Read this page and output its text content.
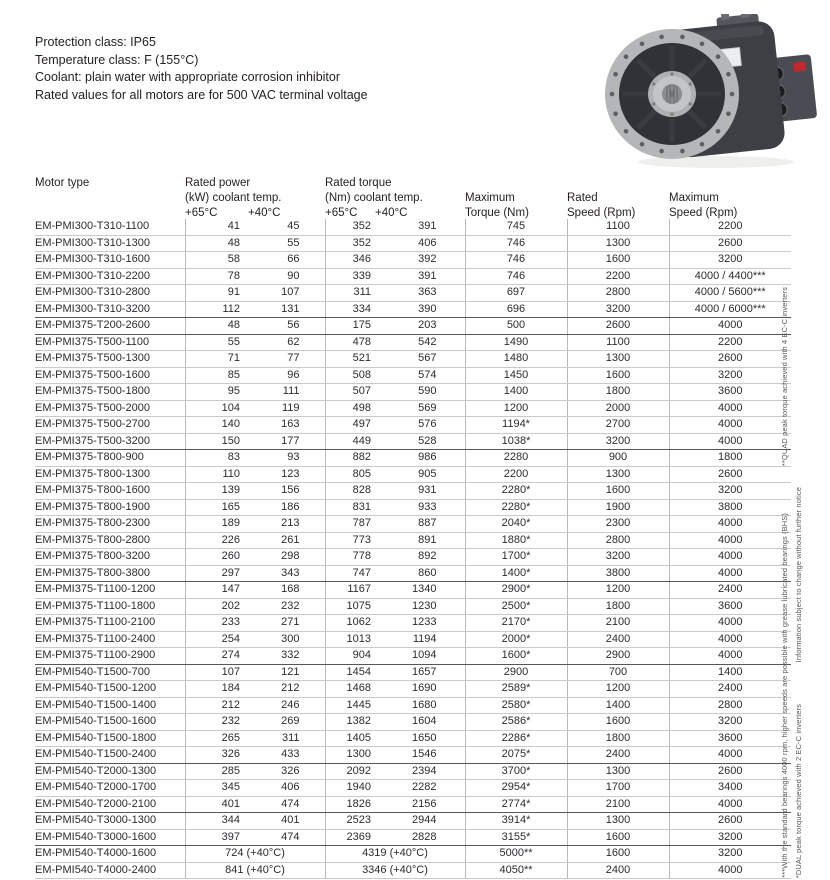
Protection class: IP65
Temperature class: F (155°C)
Coolant: plain water with appropriate corrosion inhibitor
Rated values for all motors are for 500 VAC terminal voltage
Motor type	Rated power		Rated torque				
	(kW) coolant temp.		(Nm) coolant temp.		Maximum	Rated	Maximum
	+65°C	+40°C	+65°C	+40°C	Torque (Nm)	Speed (Rpm)	Speed (Rpm)
EM-PMI300-T310-1100	41	45	352	391	745	1100	2200
EM-PMI300-T310-1300	48	55	352	406	746	1300	2600
EM-PMI300-T310-1600	58	66	346	392	746	1600	3200
EM-PMI300-T310-2200	78	90	339	391	746	2200	4000 / 4400***
EM-PMI300-T310-2800	91	107	311	363	697	2800	4000 / 5600***
EM-PMI300-T310-3200	112	131	334	390	696	3200	4000 / 6000***
EM-PMI375-T200-2600	48	56	175	203	500	2600	4000
EM-PMI375-T500-1100	55	62	478	542	1490	1100	2200
EM-PMI375-T500-1300	71	77	521	567	1480	1300	2600
EM-PMI375-T500-1600	85	96	508	574	1450	1600	3200
EM-PMI375-T500-1800	95	111	507	590	1400	1800	3600
EM-PMI375-T500-2000	104	119	498	569	1200	2000	4000
EM-PMI375-T500-2700	140	163	497	576	1194*	2700	4000
EM-PMI375-T500-3200	150	177	449	528	1038*	3200	4000
EM-PMI375-T800-900	83	93	882	986	2280	900	1800
EM-PMI375-T800-1300	110	123	805	905	2200	1300	2600
EM-PMI375-T800-1600	139	156	828	931	2280*	1600	3200
EM-PMI375-T800-1900	165	186	831	933	2280*	1900	3800
EM-PMI375-T800-2300	189	213	787	887	2040*	2300	4000
EM-PMI375-T800-2800	226	261	773	891	1880*	2800	4000
EM-PMI375-T800-3200	260	298	778	892	1700*	3200	4000
EM-PMI375-T800-3800	297	343	747	860	1400*	3800	4000
EM-PMI375-T1100-1200	147	168	1167	1340	2900*	1200	2400
EM-PMI375-T1100-1800	202	232	1075	1230	2500*	1800	3600
EM-PMI375-T1100-2100	233	271	1062	1233	2170*	2100	4000
EM-PMI375-T1100-2400	254	300	1013	1194	2000*	2400	4000
EM-PMI375-T1100-2900	274	332	904	1094	1600*	2900	4000
EM-PMI540-T1500-700	107	121	1454	1657	2900	700	1400
EM-PMI540-T1500-1200	184	212	1468	1690	2589*	1200	2400
EM-PMI540-T1500-1400	212	246	1445	1680	2580*	1400	2800
EM-PMI540-T1500-1600	232	269	1382	1604	2586*	1600	3200
EM-PMI540-T1500-1800	265	311	1405	1650	2286*	1800	3600
EM-PMI540-T1500-2400	326	433	1300	1546	2075*	2400	4000
EM-PMI540-T2000-1300	285	326	2092	2394	3700*	1300	2600
EM-PMI540-T2000-1700	345	406	1940	2282	2954*	1700	3400
EM-PMI540-T2000-2100	401	474	1826	2156	2774*	2100	4000
EM-PMI540-T3000-1300	344	401	2523	2944	3914*	1300	2600
EM-PMI540-T3000-1600	397	474	2369	2828	3155*	1600	3200
EM-PMI540-T4000-1600	724 (+40°C)		4319 (+40°C)		5000**	1600	3200
EM-PMI540-T4000-2400	841 (+40°C)		3346 (+40°C)		4050**	2400	4000	***With the standard bearings 4000 rpm, higher speeds are possible with grease lubricated bearings (BHS)
**QUAD peak torque achieved with 4 EC-C inverters
*DUAL peak torque achieved with 2 EC-C inverters
Information subject to change without further notice
